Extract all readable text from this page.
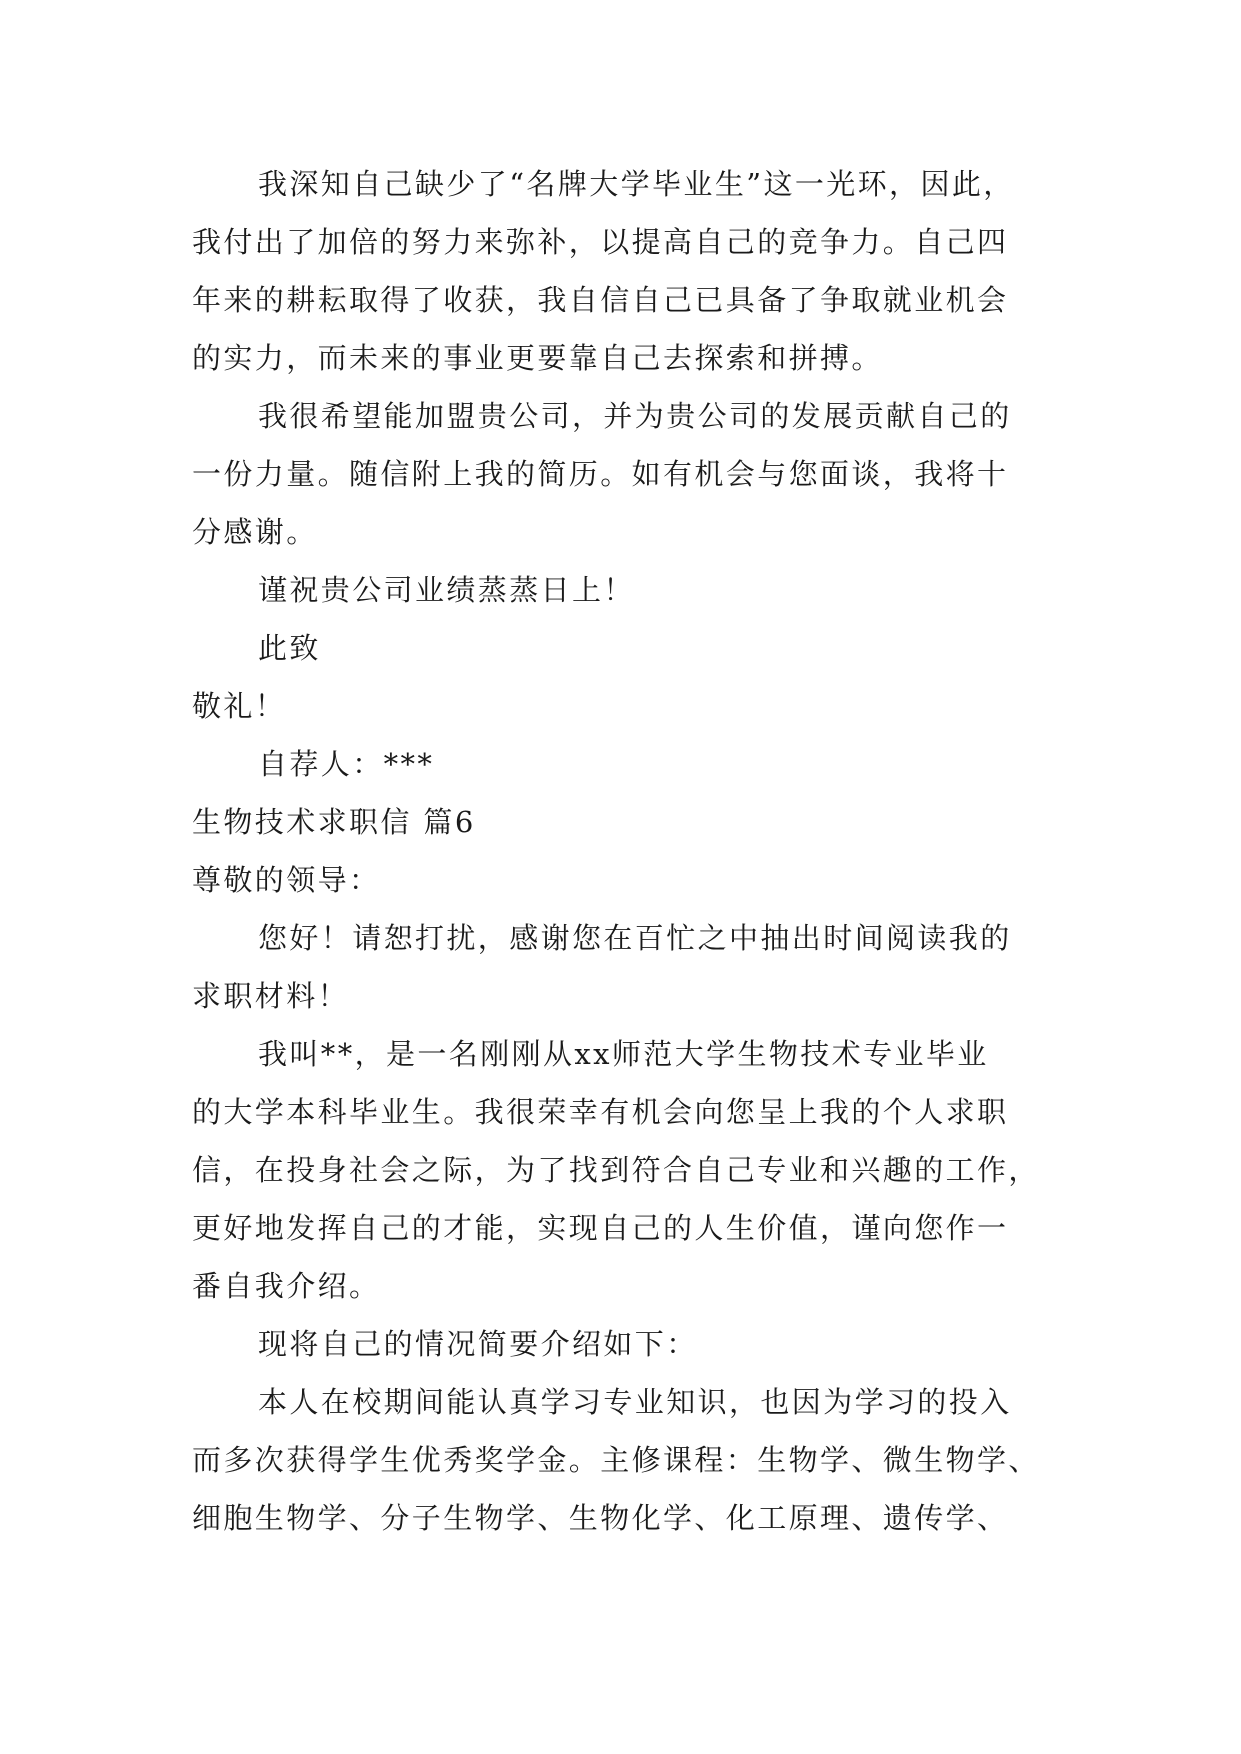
我深知自己缺少了“名牌大学毕业生”这一光环，因此，
我付出了加倍的努力来弥补，以提高自己的竞争力。自己四
年来的耕耘取得了收获，我自信自己已具备了争取就业机会
的实力，而未来的事业更要靠自己去探索和拼搏。
我很希望能加盟贵公司，并为贵公司的发展贡献自己的
一份力量。随信附上我的简历。如有机会与您面谈，我将十
分感谢。
谨祝贵公司业绩蒸蒸日上！
此致
敬礼！
自荐人：***
生物技术求职信 篇6
尊敬的领导：
您好！请恕打扰，感谢您在百忙之中抽出时间阅读我的
求职材料！
我叫**，是一名刚刚从xx师范大学生物技术专业毕业
的大学本科毕业生。我很荣幸有机会向您呈上我的个人求职
信，在投身社会之际，为了找到符合自己专业和兴趣的工作，
更好地发挥自己的才能，实现自己的人生价值，谨向您作一
番自我介绍。
现将自己的情况简要介绍如下：
本人在校期间能认真学习专业知识，也因为学习的投入
而多次获得学生优秀奖学金。主修课程：生物学、微生物学、
细胞生物学、分子生物学、生物化学、化工原理、遗传学、
